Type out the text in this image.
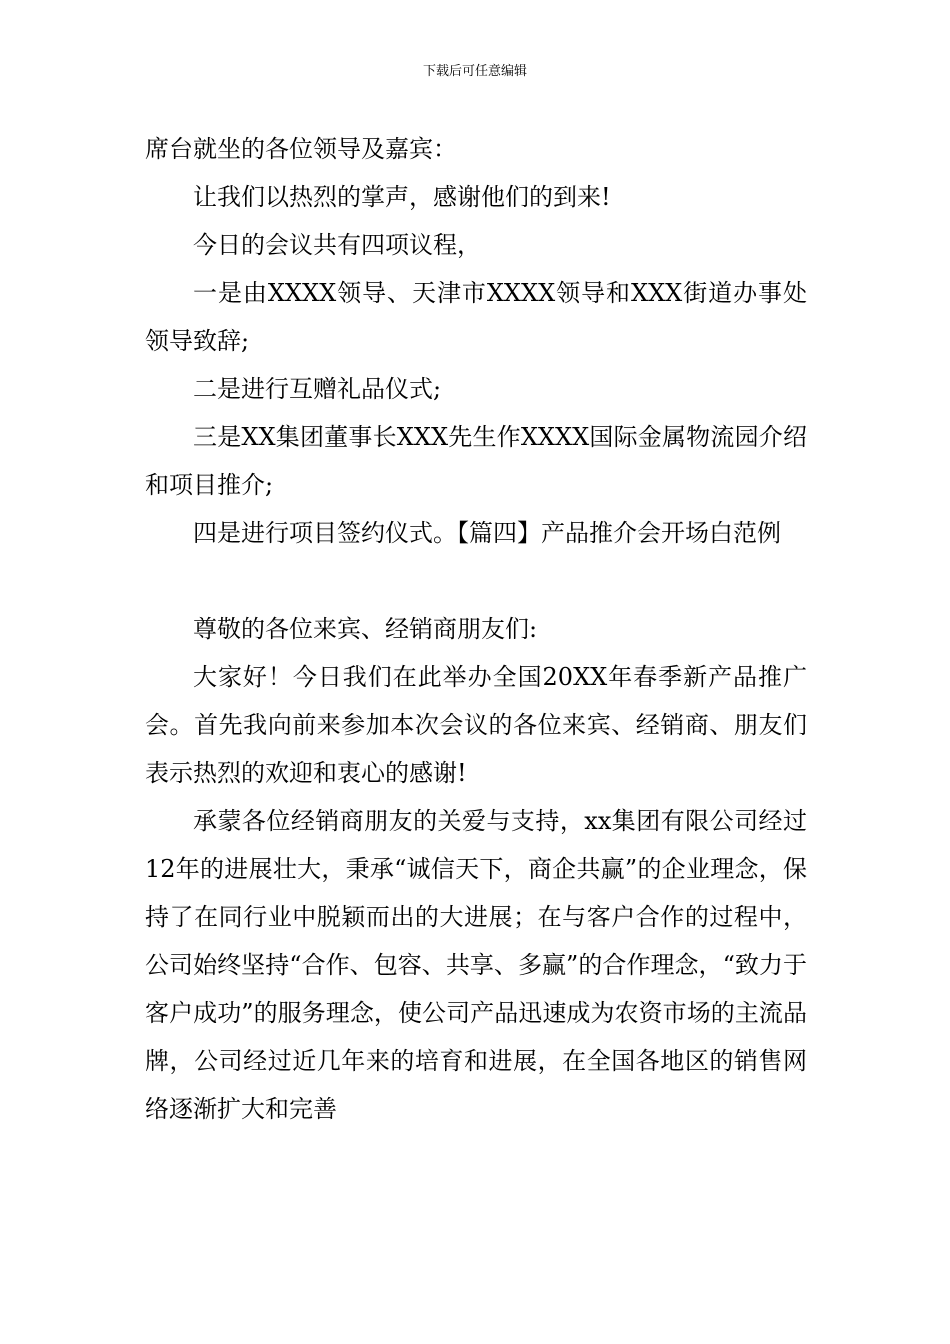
下载后可任意编辑

席台就坐的各位领导及嘉宾：

让我们以热烈的掌声，感谢他们的到来!

今日的会议共有四项议程，

一是由XXXX领导、天津市XXXX领导和XXX街道办事处领导致辞;

二是进行互赠礼品仪式;

三是XX集团董事长XXX先生作XXXX国际金属物流园介绍和项目推介;

四是进行项目签约仪式。【篇四】产品推介会开场白范例

尊敬的各位来宾、经销商朋友们:

大家好！今日我们在此举办全国20XX年春季新产品推广会。首先我向前来参加本次会议的各位来宾、经销商、朋友们表示热烈的欢迎和衷心的感谢!

承蒙各位经销商朋友的关爱与支持，xx集团有限公司经过12年的进展壮大，秉承“诚信天下，商企共赢”的企业理念，保持了在同行业中脱颖而出的大进展；在与客户合作的过程中，公司始终坚持“合作、包容、共享、多赢”的合作理念，“致力于客户成功”的服务理念，使公司产品迅速成为农资市场的主流品牌，公司经过近几年来的培育和进展，在全国各地区的销售网络逐渐扩大和完善
